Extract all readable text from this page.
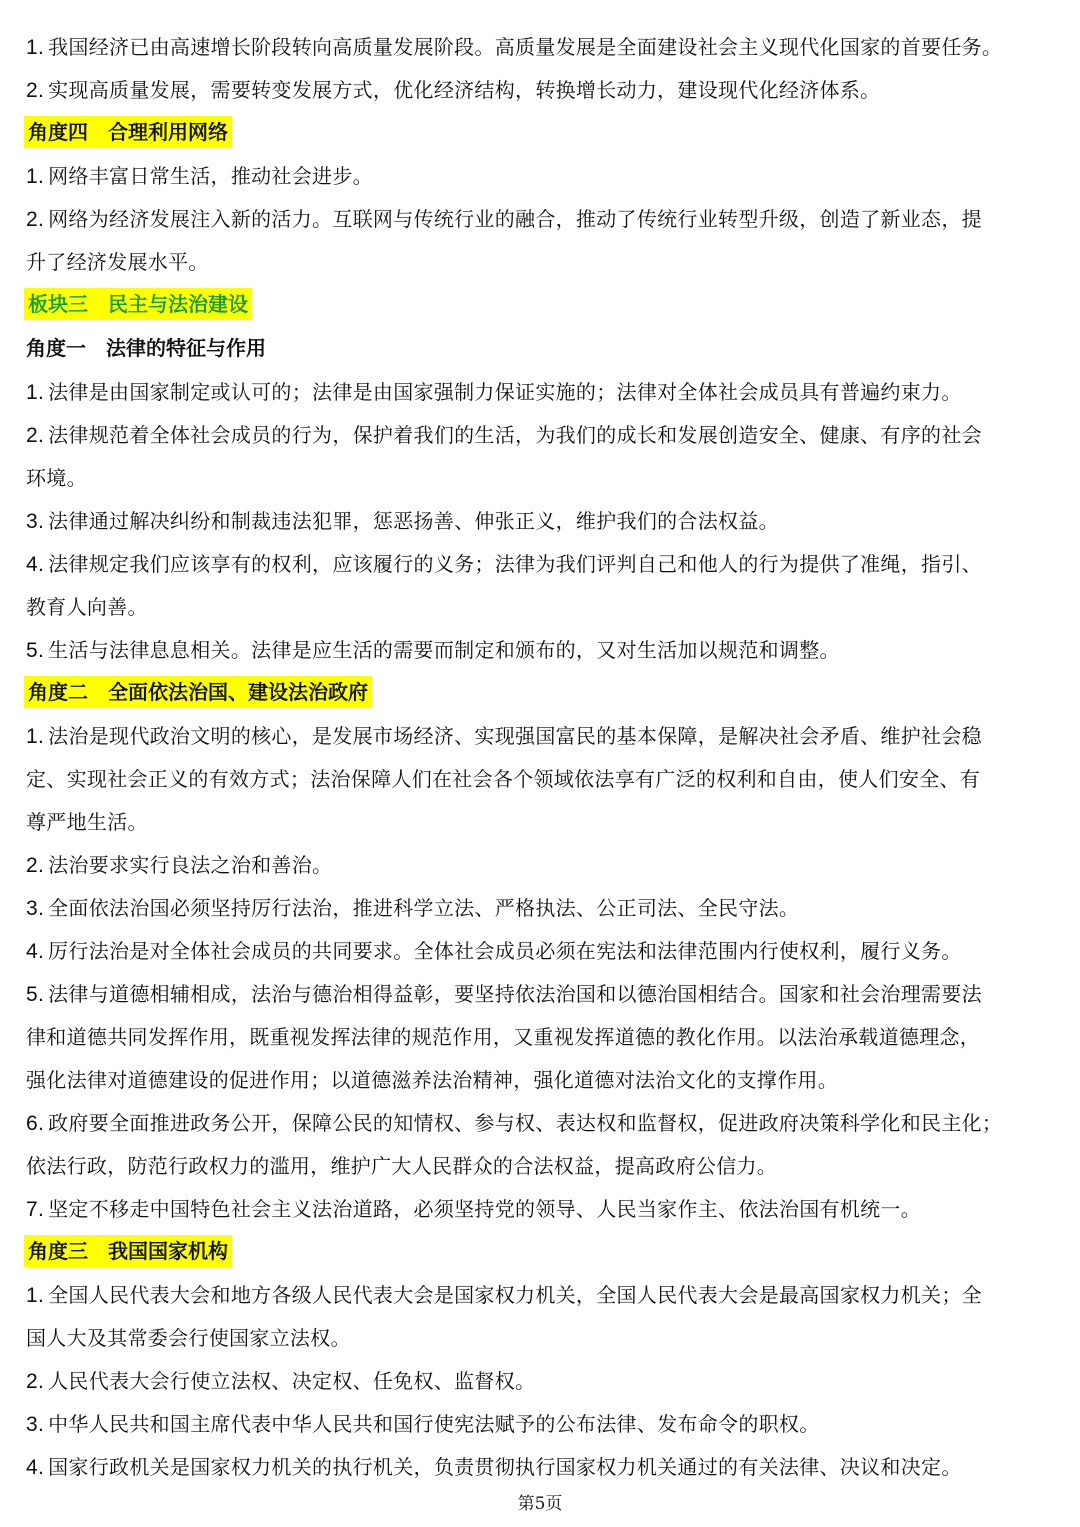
1. 我国经济已由高速增长阶段转向高质量发展阶段。高质量发展是全面建设社会主义现代化国家的首要任务。
2. 实现高质量发展，需要转变发展方式，优化经济结构，转换增长动力，建设现代化经济体系。
角度四　合理利用网络
1. 网络丰富日常生活，推动社会进步。
2. 网络为经济发展注入新的活力。互联网与传统行业的融合，推动了传统行业转型升级，创造了新业态，提
升了经济发展水平。
板块三　民主与法治建设
角度一　法律的特征与作用
1. 法律是由国家制定或认可的；法律是由国家强制力保证实施的；法律对全体社会成员具有普遍约束力。
2. 法律规范着全体社会成员的行为，保护着我们的生活，为我们的成长和发展创造安全、健康、有序的社会
环境。
3. 法律通过解决纠纷和制裁违法犯罪，惩恶扬善、伸张正义，维护我们的合法权益。
4. 法律规定我们应该享有的权利，应该履行的义务；法律为我们评判自己和他人的行为提供了准绳，指引、
教育人向善。
5. 生活与法律息息相关。法律是应生活的需要而制定和颁布的，又对生活加以规范和调整。
角度二　全面依法治国、建设法治政府
1. 法治是现代政治文明的核心，是发展市场经济、实现强国富民的基本保障，是解决社会矛盾、维护社会稳
定、实现社会正义的有效方式；法治保障人们在社会各个领域依法享有广泛的权利和自由，使人们安全、有
尊严地生活。
2. 法治要求实行良法之治和善治。
3. 全面依法治国必须坚持厉行法治，推进科学立法、严格执法、公正司法、全民守法。
4. 厉行法治是对全体社会成员的共同要求。全体社会成员必须在宪法和法律范围内行使权利，履行义务。
5. 法律与道德相辅相成，法治与德治相得益彰，要坚持依法治国和以德治国相结合。国家和社会治理需要法
律和道德共同发挥作用，既重视发挥法律的规范作用，又重视发挥道德的教化作用。以法治承载道德理念，
强化法律对道德建设的促进作用；以道德滋养法治精神，强化道德对法治文化的支撑作用。
6. 政府要全面推进政务公开，保障公民的知情权、参与权、表达权和监督权，促进政府决策科学化和民主化；
依法行政，防范行政权力的滥用，维护广大人民群众的合法权益，提高政府公信力。
7. 坚定不移走中国特色社会主义法治道路，必须坚持党的领导、人民当家作主、依法治国有机统一。
角度三　我国国家机构
1. 全国人民代表大会和地方各级人民代表大会是国家权力机关，全国人民代表大会是最高国家权力机关；全
国人大及其常委会行使国家立法权。
2. 人民代表大会行使立法权、决定权、任免权、监督权。
3. 中华人民共和国主席代表中华人民共和国行使宪法赋予的公布法律、发布命令的职权。
4. 国家行政机关是国家权力机关的执行机关，负责贯彻执行国家权力机关通过的有关法律、决议和决定。
第5页
